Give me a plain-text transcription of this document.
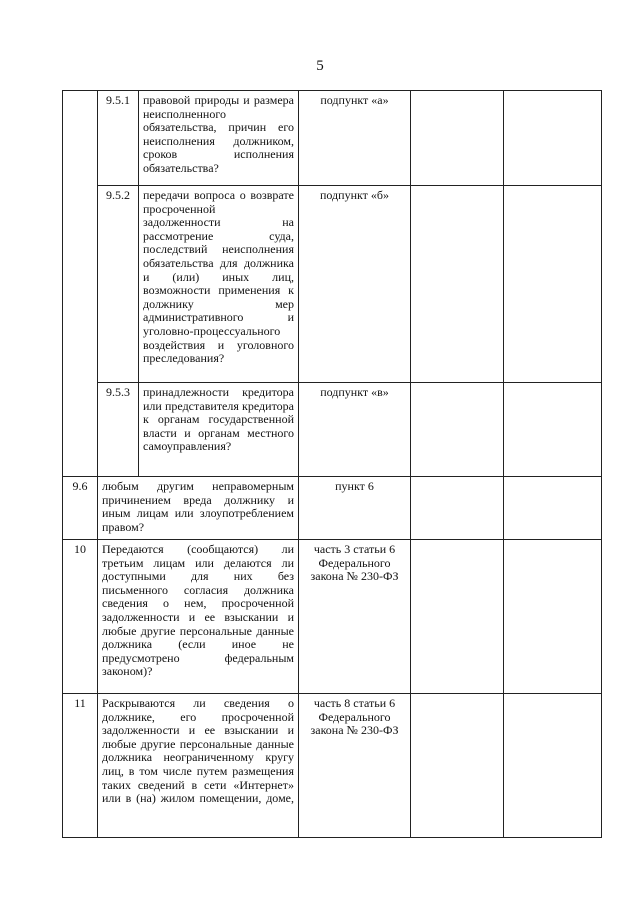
5
	9.5.1	правовой природы и размера неисполненного обязательства, причин его неисполнения должником, сроков исполнения обязательства?	подпункт «а»		
	9.5.2	передачи вопроса о возврате просроченной задолженности на рассмотрение суда, последствий неисполнения обязательства для должника и (или) иных лиц, возможности применения к должнику мер административного и уголовно-процессуального воздействия и уголовного преследования?	подпункт «б»		
	9.5.3	принадлежности кредитора или представителя кредитора к органам государственной власти и органам местного самоуправления?	подпункт «в»		
9.6	любым другим неправомерным причинением вреда должнику и иным лицам или злоупотреблением правом?		пункт 6		
10	Передаются (сообщаются) ли третьим лицам или делаются ли доступными для них без письменного согласия должника сведения о нем, просроченной задолженности и ее взыскании и любые другие персональные данные должника (если иное не предусмотрено федеральным законом)?		часть 3 статьи 6 Федерального закона № 230-ФЗ		
11	Раскрываются ли сведения о должнике, его просроченной задолженности и ее взыскании и любые другие персональные данные должника неограниченному кругу лиц, в том числе путем размещения таких сведений в сети «Интернет» или в (на) жилом помещении, доме,		часть 8 статьи 6 Федерального закона № 230-ФЗ		
